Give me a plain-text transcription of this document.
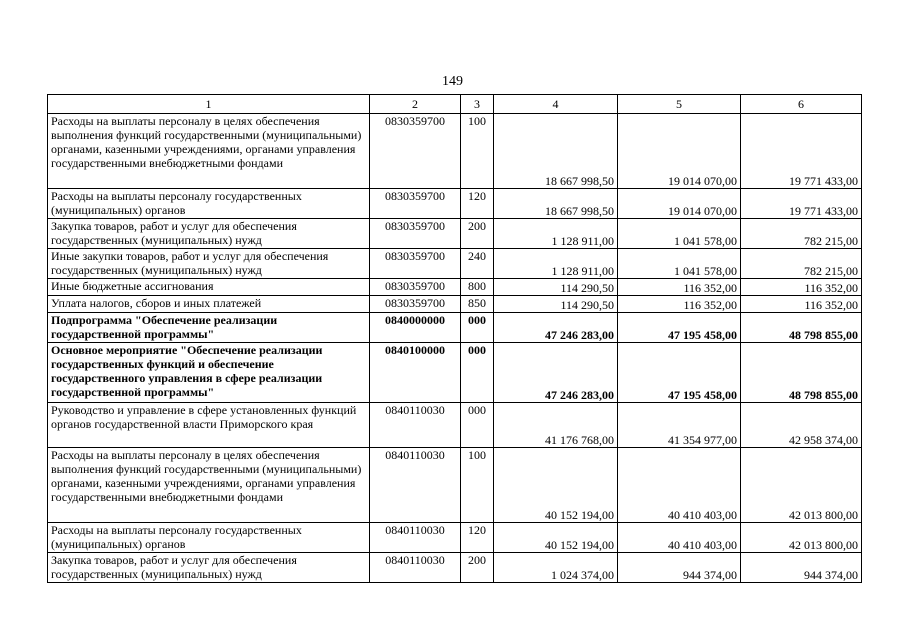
149
1	2	3	4	5	6
Расходы на выплаты персоналу в целях обеспечения выполнения функций государственными (муниципальными) органами, казенными учреждениями, органами управления государственными внебюджетными фондами	0830359700	100	18 667 998,50	19 014 070,00	19 771 433,00
Расходы на выплаты персоналу государственных (муниципальных) органов	0830359700	120	18 667 998,50	19 014 070,00	19 771 433,00
Закупка товаров, работ и услуг для обеспечения государственных (муниципальных) нужд	0830359700	200	1 128 911,00	1 041 578,00	782 215,00
Иные закупки товаров, работ и услуг для обеспечения государственных (муниципальных) нужд	0830359700	240	1 128 911,00	1 041 578,00	782 215,00
Иные бюджетные ассигнования	0830359700	800	114 290,50	116 352,00	116 352,00
Уплата налогов, сборов и иных платежей	0830359700	850	114 290,50	116 352,00	116 352,00
Подпрограмма "Обеспечение реализации государственной программы"	0840000000	000	47 246 283,00	47 195 458,00	48 798 855,00
Основное мероприятие "Обеспечение реализации государственных функций и обеспечение государственного управления в сфере реализации государственной программы"	0840100000	000	47 246 283,00	47 195 458,00	48 798 855,00
Руководство и управление в сфере установленных функций органов государственной власти Приморского края	0840110030	000	41 176 768,00	41 354 977,00	42 958 374,00
Расходы на выплаты персоналу в целях обеспечения выполнения функций государственными (муниципальными) органами, казенными учреждениями, органами управления государственными внебюджетными фондами	0840110030	100	40 152 194,00	40 410 403,00	42 013 800,00
Расходы на выплаты персоналу государственных (муниципальных) органов	0840110030	120	40 152 194,00	40 410 403,00	42 013 800,00
Закупка товаров, работ и услуг для обеспечения государственных (муниципальных) нужд	0840110030	200	1 024 374,00	944 374,00	944 374,00
